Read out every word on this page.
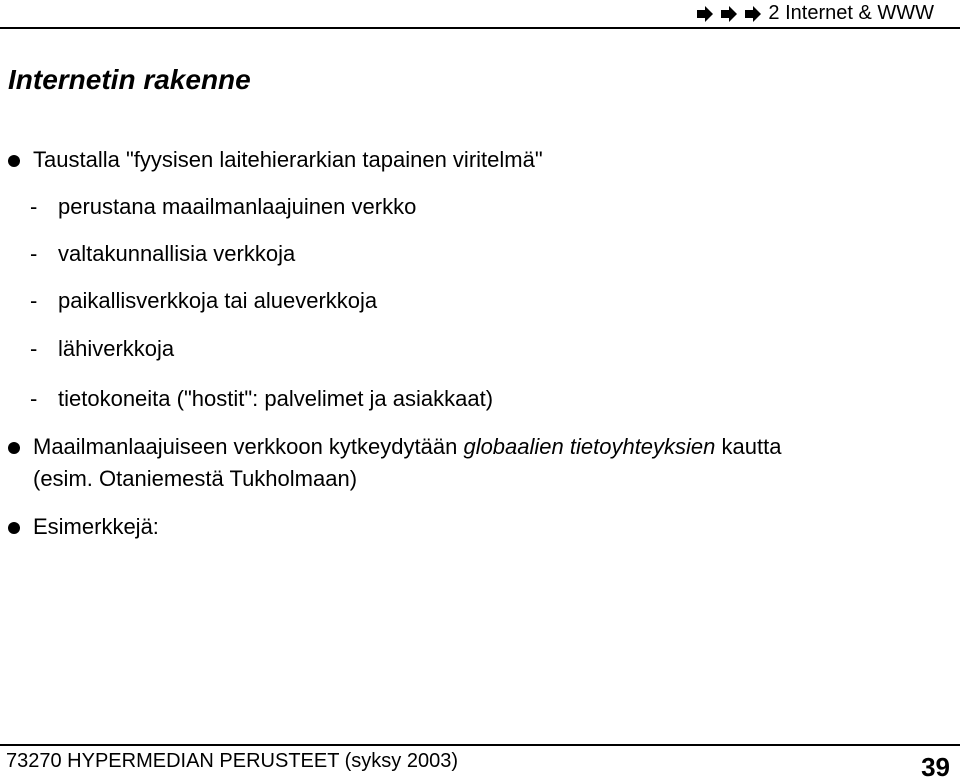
2 Internet & WWW
Internetin rakenne
Taustalla "fyysisen laitehierarkian tapainen viritelmä"
- perustana maailmanlaajuinen verkko
- valtakunnallisia verkkoja
- paikallisverkkoja tai alueverkkoja
- lähiverkkoja
- tietokoneita ("hostit": palvelimet ja asiakkaat)
Maailmanlaajuiseen verkkoon kytkeydytään globaalien tietoyhteyksien kautta
(esim. Otaniemestä Tukholmaan)
Esimerkkejä:
73270 HYPERMEDIAN PERUSTEET (syksy 2003)	39
